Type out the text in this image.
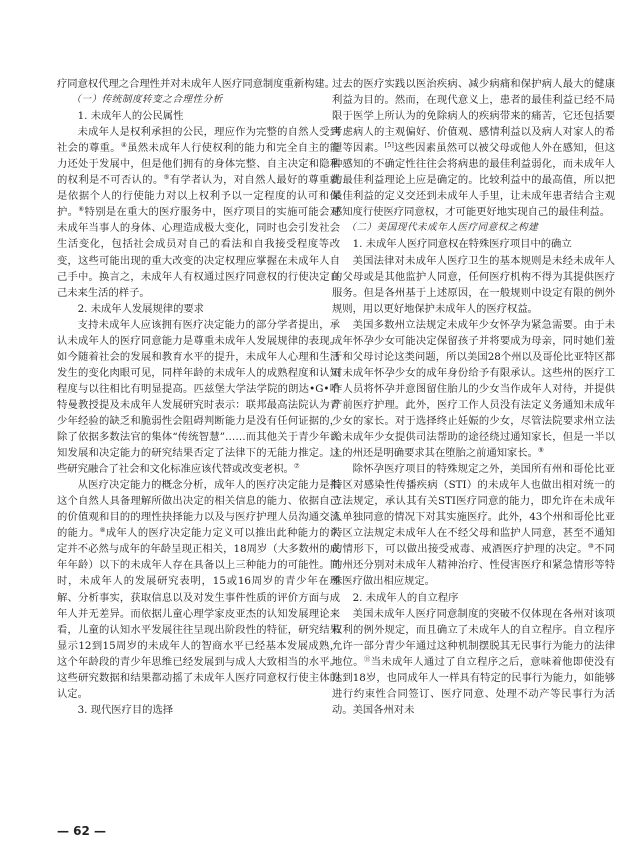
疗同意权代理之合理性并对未成年人医疗同意制度重新构建。

（一）传统制度转变之合理性分析

1. 未成年人的公民属性

未成年人是权利承担的公民，理应作为完整的自然人受到社会的尊重。④虽然未成年人行使权利的能力和完全自主的能力还处于发展中，但是他们拥有的身体完整、自主决定和隐私的权利是不可否认的。⑤有学者认为，对自然人最好的尊重就是依据个人的行使能力对以上权利予以一定程度的认可和保护。⑥特别是在重大的医疗服务中，医疗项目的实施可能会对未成年当事人的身体、心理造成极大变化，同时也会引发社会生活变化，包括社会成员对自己的看法和自我接受程度等改变，这些可能出现的重大改变的决定权理应掌握在未成年人自己手中。换言之，未成年人有权通过医疗同意权的行使决定自己未来生活的样子。

2. 未成年人发展规律的要求

支持未成年人应该拥有医疗决定能力的部分学者提出，承认未成年人的医疗同意能力是尊重未成年人发展规律的表现。如今随着社会的发展和教育水平的提升，未成年人心理和生活发生的变化肉眼可见，同样年龄的未成年人的成熟程度和认知程度与以往相比有明显提高。匹兹堡大学法学院的朗达•G•哈特曼教授提及未成年人发展研究时表示：联邦最高法院认为青少年经验的缺乏和脆弱性会阻碍判断能力是没有任何证据的，除了依据多数法官的集体“传统智慧”……而其他关于青少年认知发展和决定能力的研究结果否定了法律下的无能力推定。这些研究融合了社会和文化标准应该代替或改变老枳。⑦

从医疗决定能力的概念分析，成年人的医疗决定能力是指这个自然人具备理解所做出决定的相关信息的能力、依据自己的价值观和目的的理性抉择能力以及与医疗护理人员沟通交流的能力。⑧成年人的医疗决定能力定义可以推出此种能力的认定并不必然与成年的年龄呈现正相关，18周岁（大多数州的成年年龄）以下的未成年人存在具备以上三种能力的可能性。同时，未成年人的发展研究表明，15或16周岁的青少年在理解、分析事实，获取信息以及对发生事件性质的评价方面与成年人并无差异。而依据儿童心理学家皮亚杰的认知发展理论来看，儿童的认知水平发展往往呈现出阶段性的特征，研究结果显示12到15周岁的未成年人的智商水平已经基本发展成熟，这个年龄段的青少年思维已经发展到与成人大致相当的水平。这些研究数据和结果都动摇了未成年人医疗同意权行使主体的认定。

3. 现代医疗目的选择

过去的医疗实践以医治疾病、减少病痛和保护病人最大的健康利益为目的。然而，在现代意义上，患者的最佳利益已经不局限于医学上所认为的免除病人的疾病带来的痛苦，它还包括要考虑病人的主观偏好、价值观、感情利益以及病人对家人的希望等因素。[5]这些因素虽然可以被父母或他人外在感知，但这种感知的不确定性往往会将病患的最佳利益弱化，而未成年人的最佳利益理论上应是确定的。比较利益中的最高值，所以把最佳利益的定义交还到未成年人手里，让未成年患者结合主观感知度行使医疗同意权，才可能更好地实现自己的最佳利益。

（二）美国现代未成年人医疗同意权之构建

1. 未成年人医疗同意权在特殊医疗项目中的确立

美国法律对未成年人医疗卫生的基本规则是未经未成年人的父母或是其他监护人同意，任何医疗机构不得为其提供医疗服务。但是各州基于上述原因，在一般规则中设定有限的例外规则，用以更好地保护未成年人的医疗权益。

美国多数州立法规定未成年少女怀孕为紧急需要。由于未成年怀孕少女可能决定保留孩子并将要成为母亲，同时她们羞于和父母讨论这类问题，所以美国28个州以及哥伦比亚特区都对未成年怀孕少女的成年身份给予有限承认。这些州的医疗工作人员将怀孕并意图留住胎儿的少女当作成年人对待，并提供产前医疗护理。此外，医疗工作人员没有法定义务通知未成年少女的家长。对于选择终止妊娠的少女，尽管法院要求州立法给未成年少女提供司法帮助的途径绕过通知家长，但是一半以上的州还是明确要求其在堕胎之前通知家长。⑨

除怀孕医疗项目的特殊规定之外，美国所有州和哥伦比亚特区对感染性传播疾病（STI）的未成年人也做出相对统一的立法规定，承认其有关STI医疗同意的能力，即允许在未成年人单独同意的情况下对其实施医疗。此外，43个州和哥伦比亚特区立法规定未成年人在不经父母和监护人同意，甚至不通知的情形下，可以做出接受戒毒、戒酒医疗护理的决定。⑩不同的州还分别对未成年人精神治疗、性侵害医疗和紧急情形等特殊医疗做出相应规定。

2. 未成年人的自立程序

美国未成年人医疗同意制度的突破不仅体现在各州对该项权利的例外规定，而且确立了未成年人的自立程序。自立程序允许一部分青少年通过这种机制摆脱其无民事行为能力的法律地位。⑪当未成年人通过了自立程序之后，意味着他即使没有达到18岁，也同成年人一样具有特定的民事行为能力，如能够进行约束性合同签订、医疗同意、处理不动产等民事行为活动。美国各州对未

— 62 —
